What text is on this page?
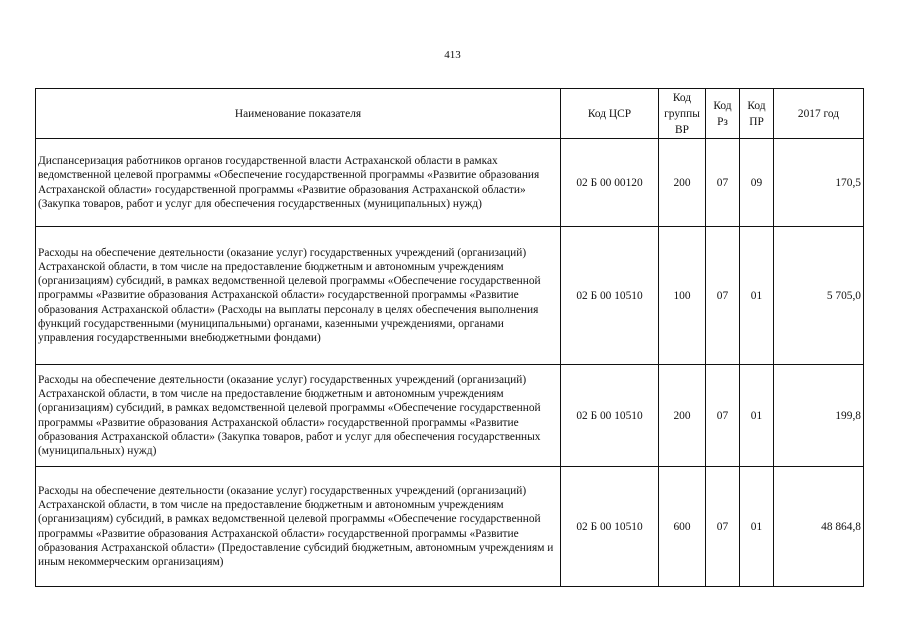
413
Наименование показателя	Код ЦСР	Код группы ВР	Код Рз	Код ПР	2017 год
Диспансеризация работников органов государственной власти Астраханской области в рамках ведомственной целевой программы «Обеспечение государственной программы «Развитие образования Астраханской области» государственной программы «Развитие образования Астраханской области» (Закупка товаров, работ и услуг для обеспечения государственных (муниципальных) нужд)	02 Б 00 00120	200	07	09	170,5
Расходы на обеспечение деятельности (оказание услуг) государственных учреждений (организаций) Астраханской области, в том числе на предоставление бюджетным и автономным учреждениям (организациям) субсидий, в рамках ведомственной целевой программы «Обеспечение государственной программы «Развитие образования Астраханской области» государственной программы «Развитие образования Астраханской области» (Расходы на выплаты персоналу в целях обеспечения выполнения функций государственными (муниципальными) органами, казенными учреждениями, органами управления государственными внебюджетными фондами)	02 Б 00 10510	100	07	01	5 705,0
Расходы на обеспечение деятельности (оказание услуг) государственных учреждений (организаций) Астраханской области, в том числе на предоставление бюджетным и автономным учреждениям (организациям) субсидий, в рамках ведомственной целевой программы «Обеспечение государственной программы «Развитие образования Астраханской области» государственной программы «Развитие образования Астраханской области» (Закупка товаров, работ и услуг для обеспечения государственных (муниципальных) нужд)	02 Б 00 10510	200	07	01	199,8
Расходы на обеспечение деятельности (оказание услуг) государственных учреждений (организаций) Астраханской области, в том числе на предоставление бюджетным и автономным учреждениям (организациям) субсидий, в рамках ведомственной целевой программы «Обеспечение государственной программы «Развитие образования Астраханской области» государственной программы «Развитие образования Астраханской области» (Предоставление субсидий бюджетным, автономным учреждениям и иным некоммерческим организациям)	02 Б 00 10510	600	07	01	48 864,8
